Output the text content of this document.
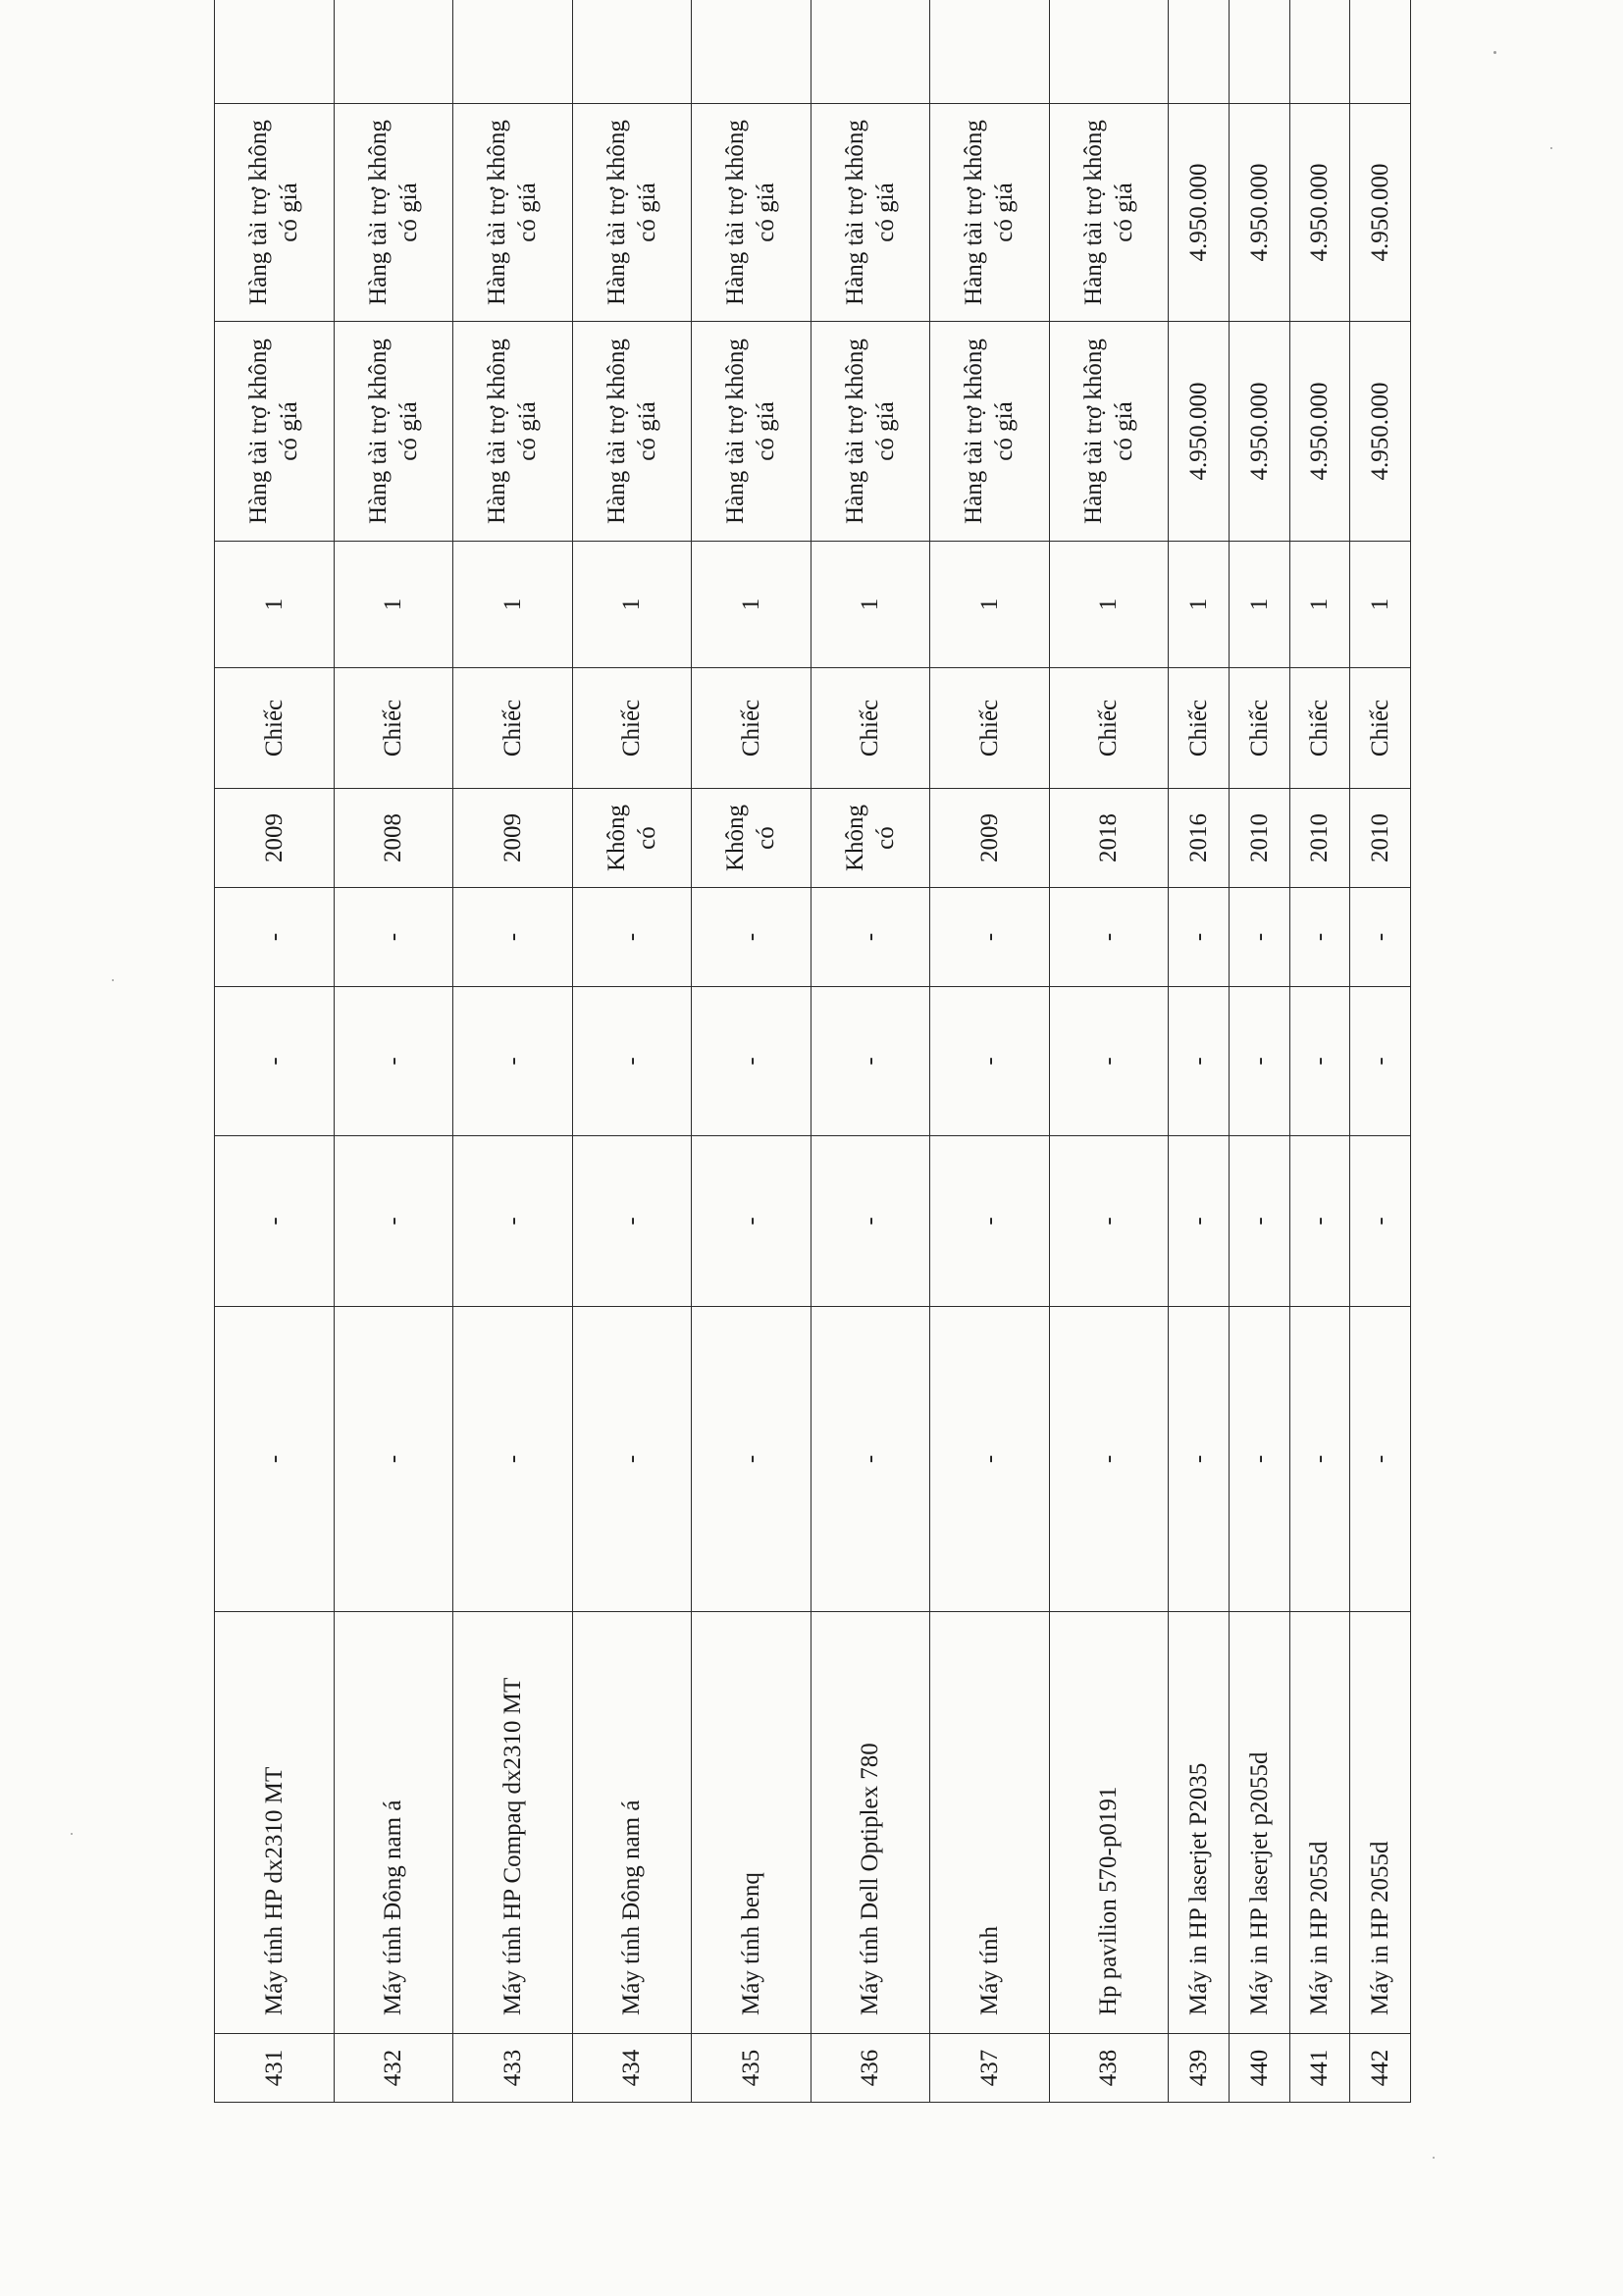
431	Máy tính HP dx2310 MT	-	-	-	-	2009	Chiếc	1	Hàng tài trợ không có giá	Hàng tài trợ không có giá	
432	Máy tính Đông nam á	-	-	-	-	2008	Chiếc	1	Hàng tài trợ không có giá	Hàng tài trợ không có giá	
433	Máy tính HP Compaq dx2310 MT	-	-	-	-	2009	Chiếc	1	Hàng tài trợ không có giá	Hàng tài trợ không có giá	
434	Máy tính Đông nam á	-	-	-	-	Không có	Chiếc	1	Hàng tài trợ không có giá	Hàng tài trợ không có giá	
435	Máy tính benq	-	-	-	-	Không có	Chiếc	1	Hàng tài trợ không có giá	Hàng tài trợ không có giá	
436	Máy tính Dell Optiplex 780	-	-	-	-	Không có	Chiếc	1	Hàng tài trợ không có giá	Hàng tài trợ không có giá	
437	Máy tính	-	-	-	-	2009	Chiếc	1	Hàng tài trợ không có giá	Hàng tài trợ không có giá	
438	Hp pavilion 570-p0191	-	-	-	-	2018	Chiếc	1	Hàng tài trợ không có giá	Hàng tài trợ không có giá	
439	Máy in HP laserjet P2035	-	-	-	-	2016	Chiếc	1	4.950.000	4.950.000	
440	Máy in HP laserjet p2055d	-	-	-	-	2010	Chiếc	1	4.950.000	4.950.000	
441	Máy in HP 2055d	-	-	-	-	2010	Chiếc	1	4.950.000	4.950.000	
442	Máy in HP 2055d	-	-	-	-	2010	Chiếc	1	4.950.000	4.950.000	
